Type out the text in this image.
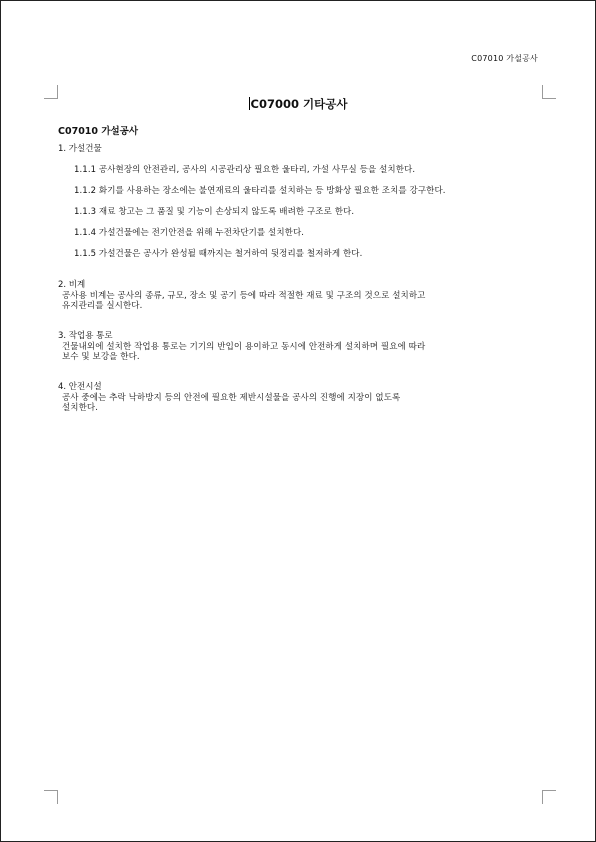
C07010 가설공사
C07000 기타공사
C07010 가설공사
1. 가설건물
1.1.1 공사현장의 안전관리, 공사의 시공관리상 필요한 울타리, 가설 사무실 등을 설치한다.
1.1.2 화기를 사용하는 장소에는 불연재료의 울타리를 설치하는 등 방화상 필요한 조치를 강구한다.
1.1.3 재료 창고는 그 품질 및 기능이 손상되지 않도록 배려한 구조로 한다.
1.1.4 가설건물에는 전기안전을 위해 누전차단기를 설치한다.
1.1.5 가설건물은 공사가 완성될 때까지는 철거하여 뒷정리를 철저하게 한다.
2. 비계
공사용 비계는 공사의 종류, 규모, 장소 및 공기 등에 따라 적절한 재료 및 구조의 것으로 설치하고
유지관리를 실시한다.
3. 작업용 통로
건물내외에 설치한 작업용 통로는 기기의 반입이 용이하고 동시에 안전하게 설치하며 필요에 따라
보수 및 보강을 한다.
4. 안전시설
공사 중에는 추락 낙하방지 등의 안전에 필요한 제반시설물을 공사의 진행에 지장이 없도록
설치한다.
